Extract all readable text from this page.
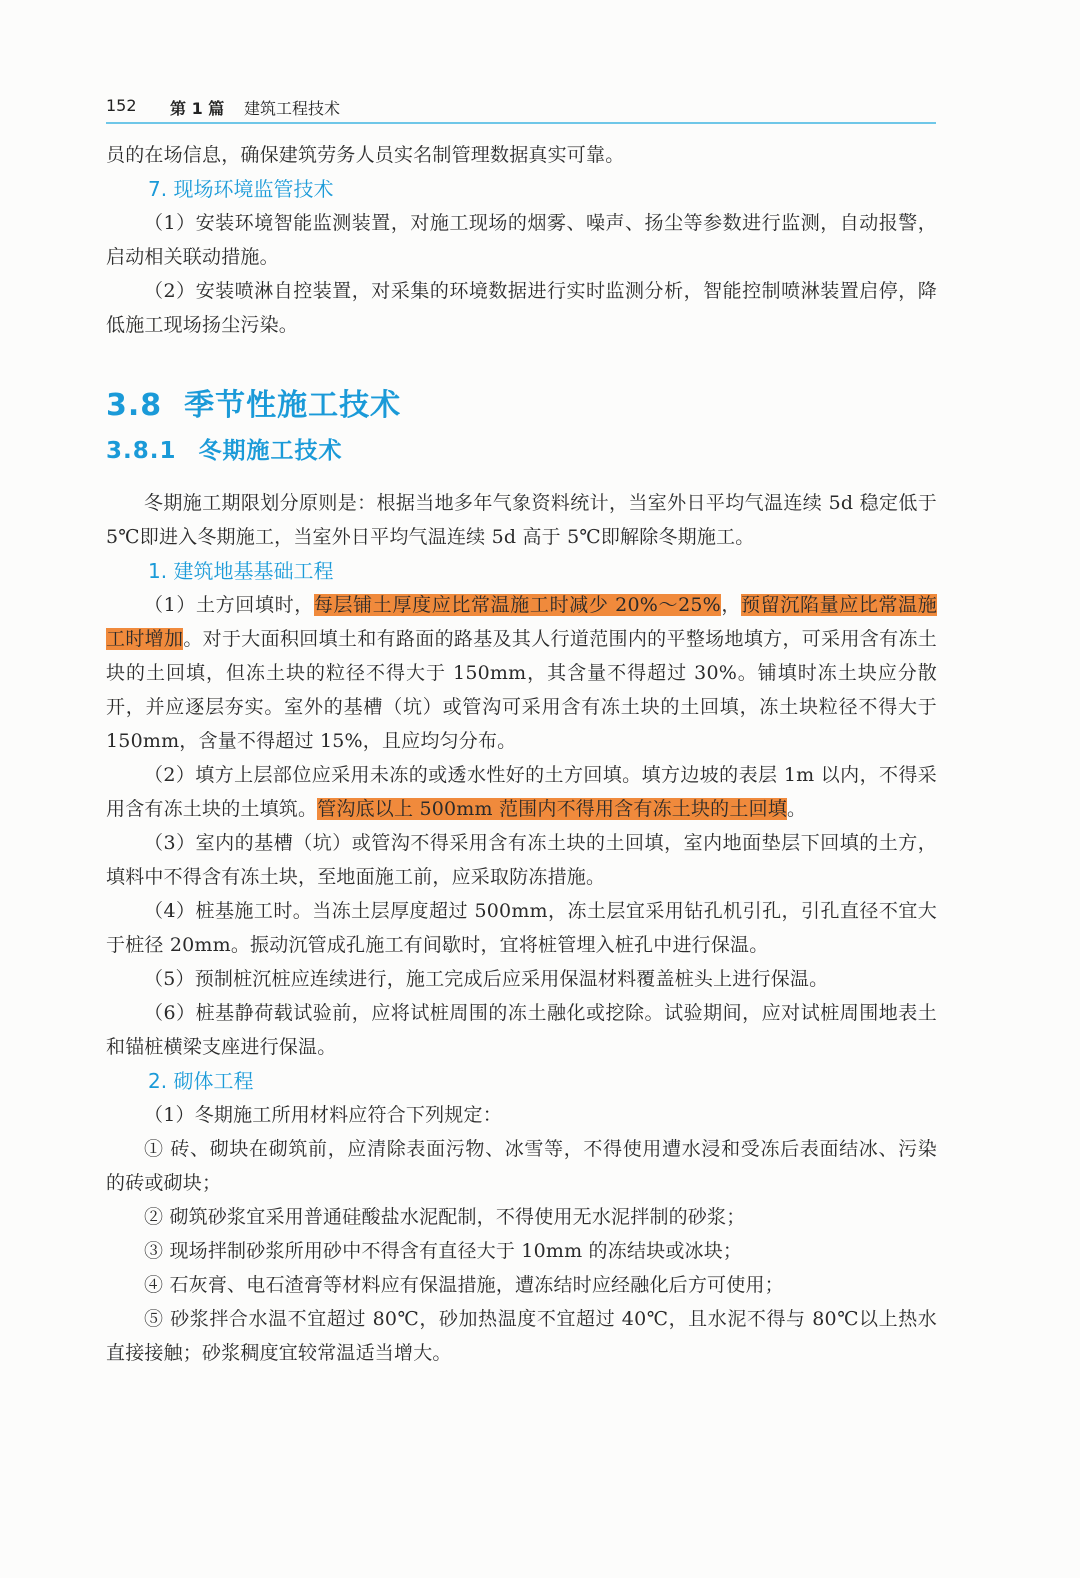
152 第 1 篇 建筑工程技术

员的在场信息，确保建筑劳务人员实名制管理数据真实可靠。

7. 现场环境监管技术

（1）安装环境智能监测装置，对施工现场的烟雾、噪声、扬尘等参数进行监测，自动报警，启动相关联动措施。

（2）安装喷淋自控装置，对采集的环境数据进行实时监测分析，智能控制喷淋装置启停，降低施工现场扬尘污染。

3.8 季节性施工技术
3.8.1 冬期施工技术

冬期施工期限划分原则是：根据当地多年气象资料统计，当室外日平均气温连续 5d 稳定低于 5℃即进入冬期施工，当室外日平均气温连续 5d 高于 5℃即解除冬期施工。

1. 建筑地基基础工程

（1）土方回填时，每层铺土厚度应比常温施工时减少 20%～25%，预留沉陷量应比常温施工时增加。对于大面积回填土和有路面的路基及其人行道范围内的平整场地填方，可采用含有冻土块的土回填，但冻土块的粒径不得大于 150mm，其含量不得超过 30%。铺填时冻土块应分散开，并应逐层夯实。室外的基槽（坑）或管沟可采用含有冻土块的土回填，冻土块粒径不得大于 150mm，含量不得超过 15%，且应均匀分布。

（2）填方上层部位应采用未冻的或透水性好的土方回填。填方边坡的表层 1m 以内，不得采用含有冻土块的土填筑。管沟底以上 500mm 范围内不得用含有冻土块的土回填。

（3）室内的基槽（坑）或管沟不得采用含有冻土块的土回填，室内地面垫层下回填的土方，填料中不得含有冻土块，至地面施工前，应采取防冻措施。

（4）桩基施工时。当冻土层厚度超过 500mm，冻土层宜采用钻孔机引孔，引孔直径不宜大于桩径 20mm。振动沉管成孔施工有间歇时，宜将桩管埋入桩孔中进行保温。

（5）预制桩沉桩应连续进行，施工完成后应采用保温材料覆盖桩头上进行保温。

（6）桩基静荷载试验前，应将试桩周围的冻土融化或挖除。试验期间，应对试桩周围地表土和锚桩横梁支座进行保温。

2. 砌体工程

（1）冬期施工所用材料应符合下列规定：

① 砖、砌块在砌筑前，应清除表面污物、冰雪等，不得使用遭水浸和受冻后表面结冰、污染的砖或砌块；

② 砌筑砂浆宜采用普通硅酸盐水泥配制，不得使用无水泥拌制的砂浆；

③ 现场拌制砂浆所用砂中不得含有直径大于 10mm 的冻结块或冰块；

④ 石灰膏、电石渣膏等材料应有保温措施，遭冻结时应经融化后方可使用；

⑤ 砂浆拌合水温不宜超过 80℃，砂加热温度不宜超过 40℃，且水泥不得与 80℃以上热水直接接触；砂浆稠度宜较常温适当增大。
